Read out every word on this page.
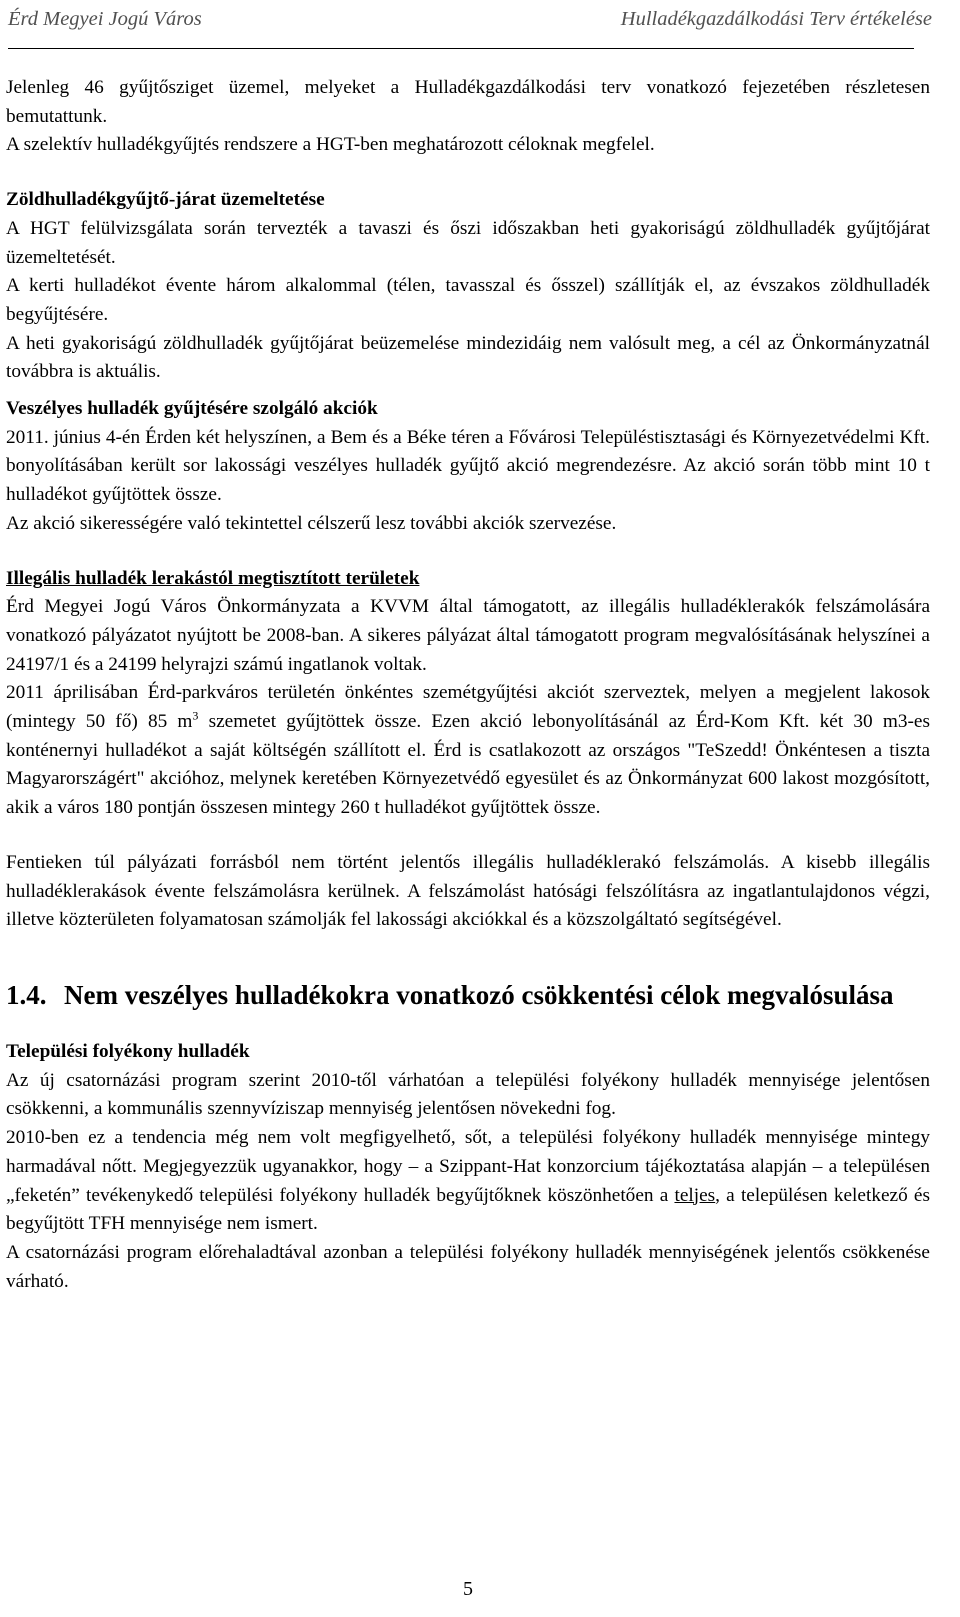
Érd Megyei Jogú Város	Hulladékgazdálkodási Terv értékelése

Jelenleg 46 gyűjtősziget üzemel, melyeket a Hulladékgazdálkodási terv vonatkozó fejezetében részletesen bemutattunk.

A szelektív hulladékgyűjtés rendszere a HGT-ben meghatározott céloknak megfelel.

Zöldhulladékgyűjtő-járat üzemeltetése

A HGT felülvizsgálata során tervezték a tavaszi és őszi időszakban heti gyakoriságú zöldhulladék gyűjtőjárat üzemeltetését.

A kerti hulladékot évente három alkalommal (télen, tavasszal és ősszel) szállítják el, az évszakos zöldhulladék begyűjtésére.

A heti gyakoriságú zöldhulladék gyűjtőjárat beüzemelése mindezidáig nem valósult meg, a cél az Önkormányzatnál továbbra is aktuális.

Veszélyes hulladék gyűjtésére szolgáló akciók

2011. június 4-én Érden két helyszínen, a Bem és a Béke téren a Fővárosi Településtisztasági és Környezetvédelmi Kft. bonyolításában került sor lakossági veszélyes hulladék gyűjtő akció megrendezésre. Az akció során több mint 10 t hulladékot gyűjtöttek össze.

Az akció sikerességére való tekintettel célszerű lesz további akciók szervezése.

Illegális hulladék lerakástól megtisztított területek

Érd Megyei Jogú Város Önkormányzata a KVVM által támogatott, az illegális hulladéklerakók felszámolására vonatkozó pályázatot nyújtott be 2008-ban. A sikeres pályázat által támogatott program megvalósításának helyszínei a 24197/1 és a 24199 helyrajzi számú ingatlanok voltak.

2011 áprilisában Érd-parkváros területén önkéntes szemétgyűjtési akciót szerveztek, melyen a megjelent lakosok (mintegy 50 fő) 85 $m^3$ szemetet gyűjtöttek össze. Ezen akció lebonyolításánál az Érd-Kom Kft. két 30 m3-es konténernyi hulladékot a saját költségén szállított el. Érd is csatlakozott az országos "TeSzedd! Önkéntesen a tiszta Magyarországért" akcióhoz, melynek keretében Környezetvédő egyesület és az Önkormányzat 600 lakost mozgósított, akik a város 180 pontján összesen mintegy 260 t hulladékot gyűjtöttek össze.

Fentieken túl pályázati forrásból nem történt jelentős illegális hulladéklerakó felszámolás. A kisebb illegális hulladéklerakások évente felszámolásra kerülnek. A felszámolást hatósági felszólításra az ingatlantulajdonos végzi, illetve közterületen folyamatosan számolják fel lakossági akciókkal és a közszolgáltató segítségével.

1.4. Nem veszélyes hulladékokra vonatkozó csökkentési célok megvalósulása

Települési folyékony hulladék

Az új csatornázási program szerint 2010-től várhatóan a települési folyékony hulladék mennyisége jelentősen csökkenni, a kommunális szennyvíziszap mennyiség jelentősen növekedni fog.

2010-ben ez a tendencia még nem volt megfigyelhető, sőt, a települési folyékony hulladék mennyisége mintegy harmadával nőtt. Megjegyezzük ugyanakkor, hogy – a Szippant-Hat konzorcium tájékoztatása alapján – a településen „feketén” tevékenykedő települési folyékony hulladék begyűjtőknek köszönhetően a teljes, a településen keletkező és begyűjtött TFH mennyisége nem ismert.

A csatornázási program előrehaladtával azonban a települési folyékony hulladék mennyiségének jelentős csökkenése várható.

5
